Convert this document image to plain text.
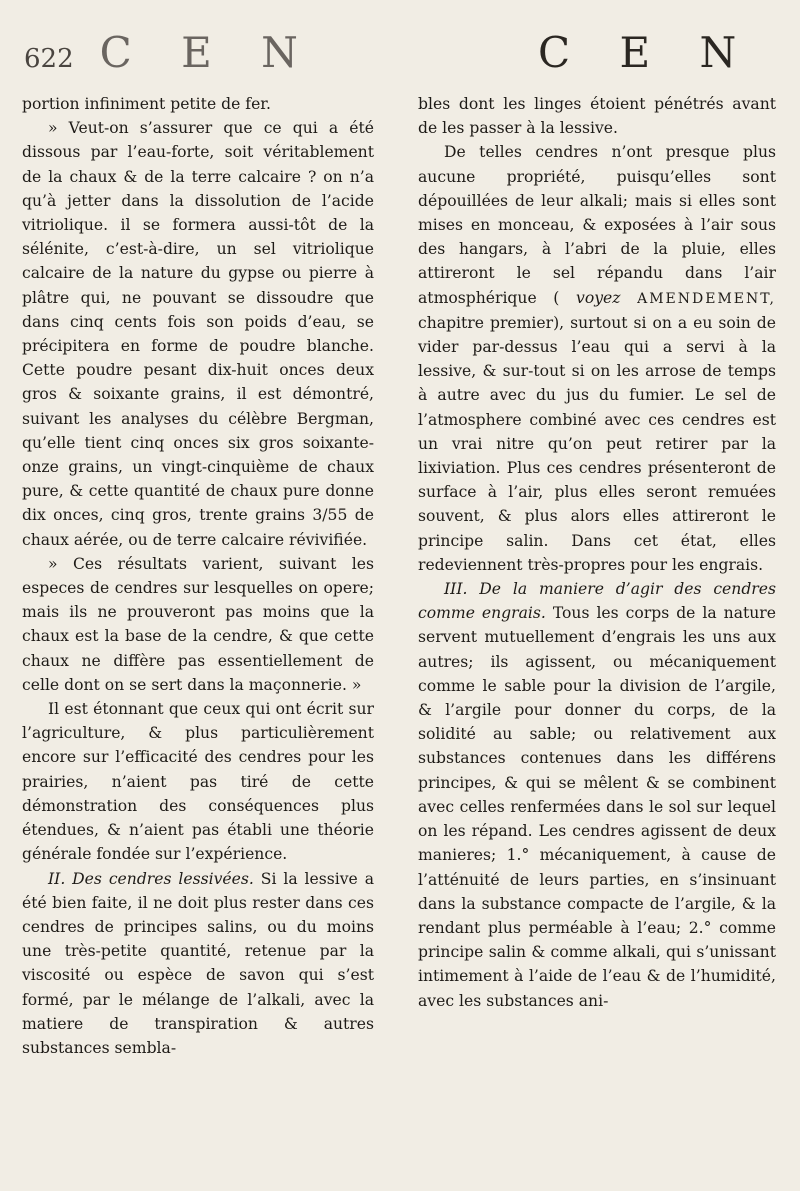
622 C E N	C E N

portion infiniment petite de fer.

» Veut-on s’assurer que ce qui a été dissous par l’eau-forte, soit véritablement de la chaux & de la terre calcaire ? on n’a qu’à jetter dans la dissolution de l’acide vitriolique. il se formera aussi-tôt de la sélénite, c’est-à-dire, un sel vitriolique calcaire de la nature du gypse ou pierre à plâtre qui, ne pouvant se dissoudre que dans cinq cents fois son poids d’eau, se précipitera en forme de poudre blanche. Cette poudre pesant dix-huit onces deux gros & soixante grains, il est démontré, suivant les analyses du célèbre Bergman, qu’elle tient cinq onces six gros soixante-onze grains, un vingt-cinquième de chaux pure, & cette quantité de chaux pure donne dix onces, cinq gros, trente grains 3/55 de chaux aérée, ou de terre calcaire révivifiée.

» Ces résultats varient, suivant les especes de cendres sur lesquelles on opere; mais ils ne prouveront pas moins que la chaux est la base de la cendre, & que cette chaux ne diffère pas essentiellement de celle dont on se sert dans la maçonnerie. »

Il est étonnant que ceux qui ont écrit sur l’agriculture, & plus particulièrement encore sur l’efficacité des cendres pour les prairies, n’aient pas tiré de cette démonstration des conséquences plus étendues, & n’aient pas établi une théorie générale fondée sur l’expérience.

II. Des cendres lessivées. Si la lessive a été bien faite, il ne doit plus rester dans ces cendres de principes salins, ou du moins une très-petite quantité, retenue par la viscosité ou espèce de savon qui s’est formé, par le mélange de l’alkali, avec la matiere de transpiration & autres substances sembla-

bles dont les linges étoient pénétrés avant de les passer à la lessive.

De telles cendres n’ont presque plus aucune propriété, puisqu’elles sont dépouillées de leur alkali; mais si elles sont mises en monceau, & exposées à l’air sous des hangars, à l’abri de la pluie, elles attireront le sel répandu dans l’air atmosphérique ( voyez AMENDEMENT, chapitre premier), surtout si on a eu soin de vider par-dessus l’eau qui a servi à la lessive, & sur-tout si on les arrose de temps à autre avec du jus du fumier. Le sel de l’atmosphere combiné avec ces cendres est un vrai nitre qu’on peut retirer par la lixiviation. Plus ces cendres présenteront de surface à l’air, plus elles seront remuées souvent, & plus alors elles attireront le principe salin. Dans cet état, elles redeviennent très-propres pour les engrais.

III. De la maniere d’agir des cendres comme engrais. Tous les corps de la nature servent mutuellement d’engrais les uns aux autres; ils agissent, ou mécaniquement comme le sable pour la division de l’argile, & l’argile pour donner du corps, de la solidité au sable; ou relativement aux substances contenues dans les différens principes, & qui se mêlent & se combinent avec celles renfermées dans le sol sur lequel on les répand. Les cendres agissent de deux manieres; 1.° mécaniquement, à cause de l’atténuité de leurs parties, en s’insinuant dans la substance compacte de l’argile, & la rendant plus perméable à l’eau; 2.° comme principe salin & comme alkali, qui s’unissant intimement à l’aide de l’eau & de l’humidité, avec les substances ani-
